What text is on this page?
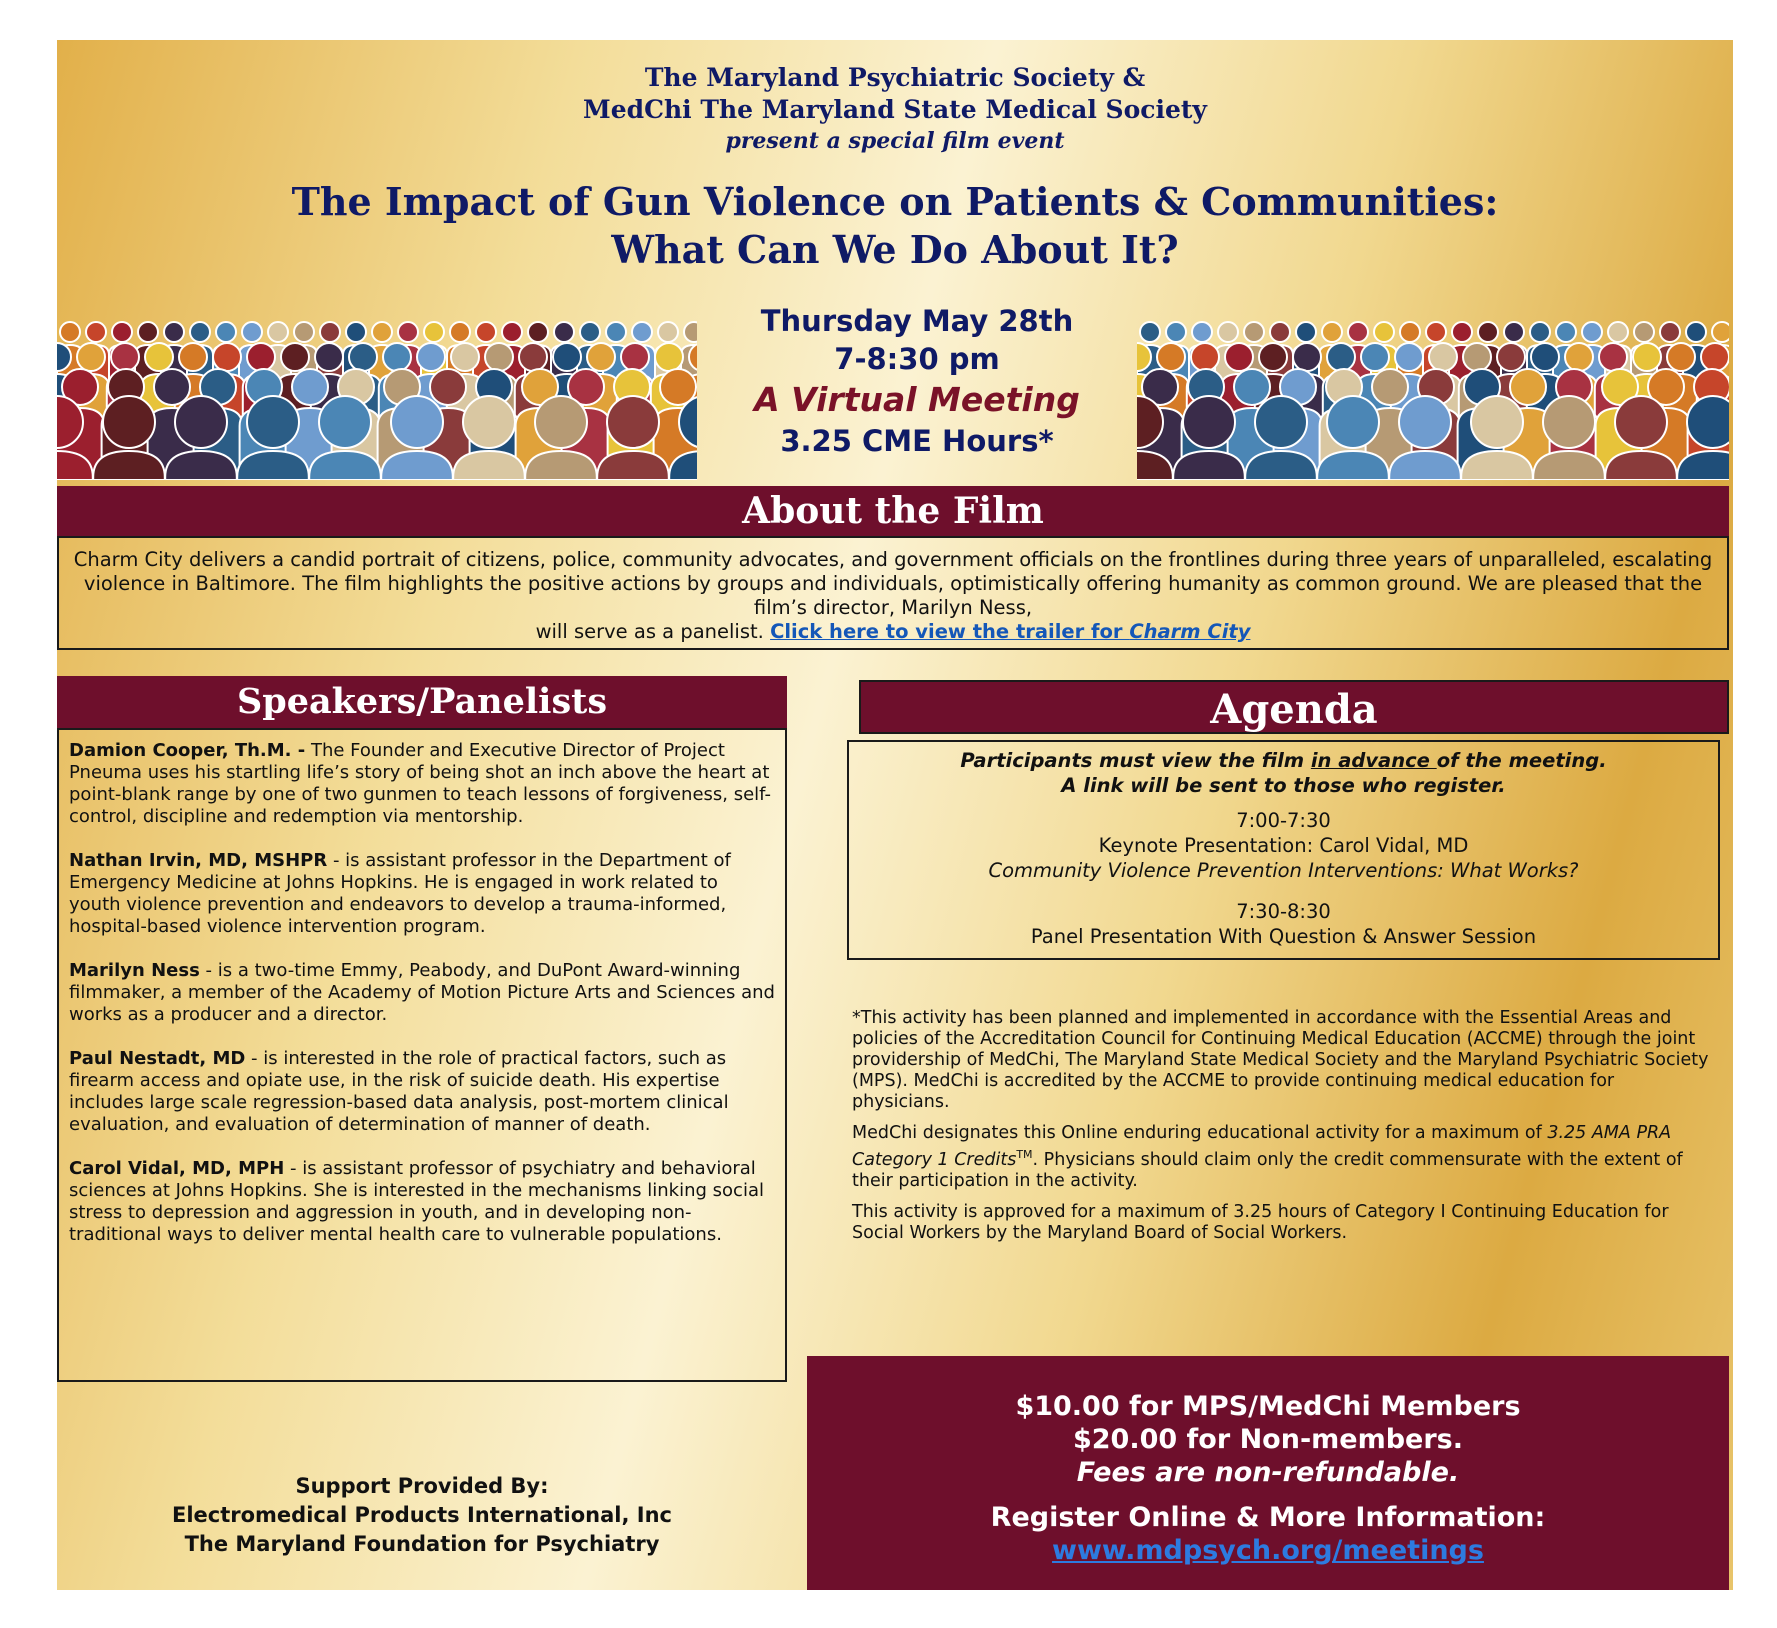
The Maryland Psychiatric Society &
MedChi The Maryland State Medical Society
present a special film event
The Impact of Gun Violence on Patients & Communities:
What Can We Do About It?
Thursday May 28th
7-8:30 pm
A Virtual Meeting
3.25 CME Hours*
About the Film
Charm City delivers a candid portrait of citizens, police, community advocates, and government officials on the frontlines during three years of unparalleled, escalating violence in Baltimore. The film highlights the positive actions by groups and individuals, optimistically offering humanity as common ground. We are pleased that the film’s director, Marilyn Ness,
will serve as a panelist. Click here to view the trailer for Charm City
Speakers/Panelists

Damion Cooper, Th.M. - The Founder and Executive Director of Project Pneuma uses his startling life’s story of being shot an inch above the heart at point-blank range by one of two gunmen to teach lessons of forgiveness, self-control, discipline and redemption via mentorship.

Nathan Irvin, MD, MSHPR - is assistant professor in the Department of Emergency Medicine at Johns Hopkins. He is engaged in work related to youth violence prevention and endeavors to develop a trauma-informed, hospital-based violence intervention program.

Marilyn Ness - is a two-time Emmy, Peabody, and DuPont Award-winning filmmaker, a member of the Academy of Motion Picture Arts and Sciences and works as a producer and a director.

Paul Nestadt, MD - is interested in the role of practical factors, such as firearm access and opiate use, in the risk of suicide death. His expertise includes large scale regression-based data analysis, post-mortem clinical evaluation, and evaluation of determination of manner of death.

Carol Vidal, MD, MPH - is assistant professor of psychiatry and behavioral sciences at Johns Hopkins. She is interested in the mechanisms linking social stress to depression and aggression in youth, and in developing non-traditional ways to deliver mental health care to vulnerable populations.

Agenda
Participants must view the film in advance of the meeting.
A link will be sent to those who register.
7:00-7:30
Keynote Presentation: Carol Vidal, MD
Community Violence Prevention Interventions: What Works?
7:30-8:30
Panel Presentation With Question & Answer Session

*This activity has been planned and implemented in accordance with the Essential Areas and policies of the Accreditation Council for Continuing Medical Education (ACCME) through the joint providership of MedChi, The Maryland State Medical Society and the Maryland Psychiatric Society (MPS). MedChi is accredited by the ACCME to provide continuing medical education for physicians.

MedChi designates this Online enduring educational activity for a maximum of 3.25 AMA PRA Category 1 Credits™. Physicians should claim only the credit commensurate with the extent of their participation in the activity.

This activity is approved for a maximum of 3.25 hours of Category I Continuing Education for Social Workers by the Maryland Board of Social Workers.

Support Provided By:
Electromedical Products International, Inc
The Maryland Foundation for Psychiatry
$10.00 for MPS/MedChi Members
$20.00 for Non-members.
Fees are non-refundable.
Register Online & More Information:
www.mdpsych.org/meetings
